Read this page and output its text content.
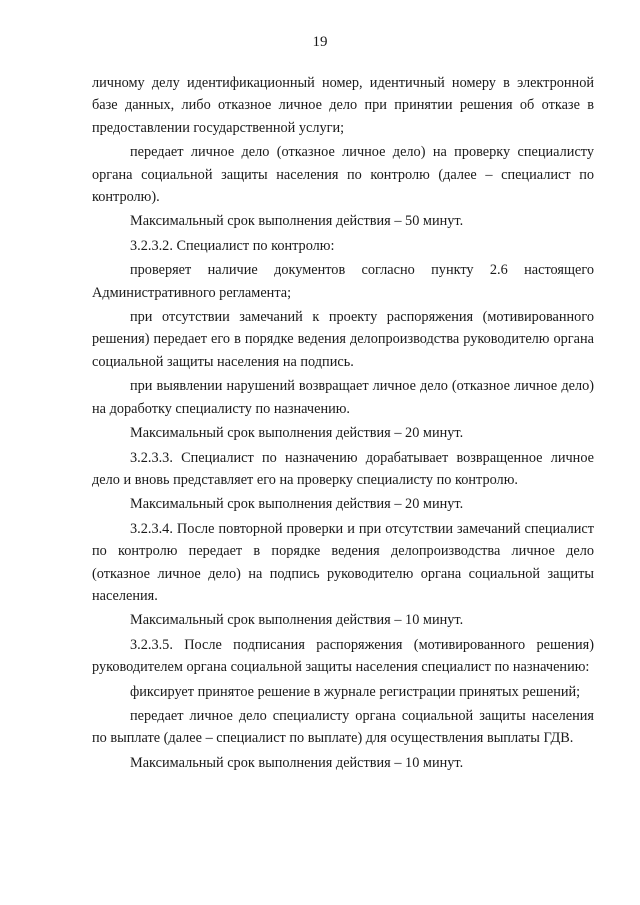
19

личному делу идентификационный номер, идентичный номеру в электронной базе данных, либо отказное личное дело при принятии решения об отказе в предоставлении государственной услуги;

передает личное дело (отказное личное дело) на проверку специалисту органа социальной защиты населения по контролю (далее – специалист по контролю).

Максимальный срок выполнения действия – 50 минут.

3.2.3.2. Специалист по контролю:

проверяет наличие документов согласно пункту 2.6 настоящего Административного регламента;

при отсутствии замечаний к проекту распоряжения (мотивированного решения) передает его в порядке ведения делопроизводства руководителю органа социальной защиты населения на подпись.

при выявлении нарушений возвращает личное дело (отказное личное дело) на доработку специалисту по назначению.

Максимальный срок выполнения действия – 20 минут.

3.2.3.3. Специалист по назначению дорабатывает возвращенное личное дело и вновь представляет его на проверку специалисту по контролю.

Максимальный срок выполнения действия – 20 минут.

3.2.3.4. После повторной проверки и при отсутствии замечаний специалист по контролю передает в порядке ведения делопроизводства личное дело (отказное личное дело) на подпись руководителю органа социальной защиты населения.

Максимальный срок выполнения действия – 10 минут.

3.2.3.5. После подписания распоряжения (мотивированного решения) руководителем органа социальной защиты населения специалист по назначению:

фиксирует принятое решение в журнале регистрации принятых решений;

передает личное дело специалисту органа социальной защиты населения по выплате (далее – специалист по выплате) для осуществления выплаты ГДВ.

Максимальный срок выполнения действия – 10 минут.
